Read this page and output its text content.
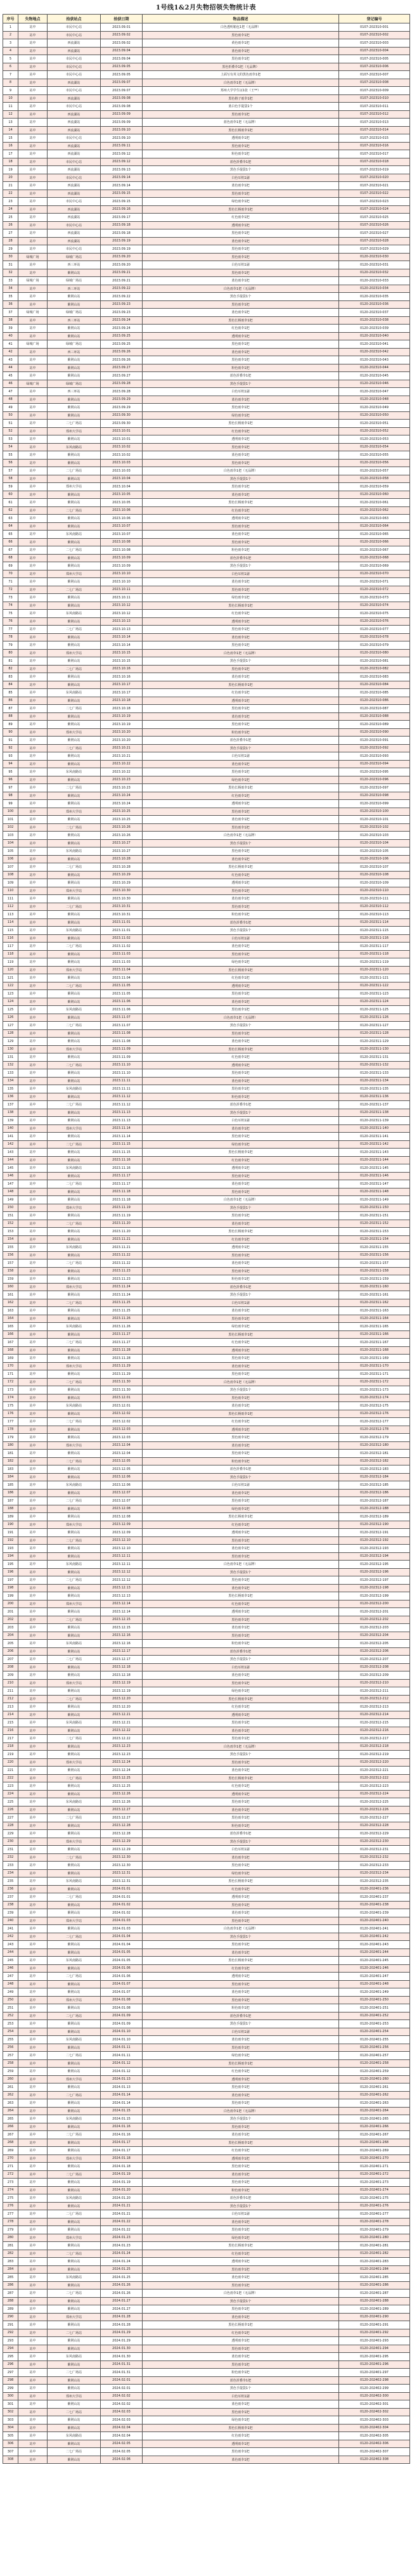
1号线1&2月失物招领失物统计表
序号	失物地点	拾获站点	拾获日期	物品描述	登记编号
1	站中	市民中心站	2023.09.01	白色透明箱包1把（无品牌）	0107-202310-001
2	站中	市民中心站	2023.09.02	黑色雨伞1把	0107-202310-002
3	站中	西流湖站	2023.09.02	黄色雨伞1把	0107-202310-003
4	站中	西流湖站	2023.09.04	蓝色雨伞1把	0107-202310-004
5	站中	市民中心站	2023.09.04	黑色雨伞1把	0107-202310-005
6	站中	市民中心站	2023.09.05	黑色折叠伞1把（无品牌）	0107-202310-006
7	站中	市民中心站	2023.09.05	上面写有英文的黑色雨伞1把	0107-202310-007
8	站中	西流湖站	2023.09.07	白色雨伞1把（无品牌）	0107-202310-008
9	站中	市民中心站	2023.09.07	郑州大学学生证1张（王**）	0107-202310-009
10	站中	西流湖站	2023.09.08	黑色格子雨伞1把	0107-202310-010
11	站中	市民中心站	2023.09.08	蓝白色手提袋1个	0107-202310-011
12	站中	西流湖站	2023.09.09	黑色雨伞1把	0107-202310-012
13	站中	西流湖站	2023.09.09	蓝色雨伞1把（无品牌）	0107-202310-013
14	站中	西流湖站	2023.09.10	黑色长柄雨伞1把	0107-202310-014
15	站中	市民中心站	2023.09.10	透明雨伞1把	0107-202310-015
16	站中	西流湖站	2023.09.11	黑色雨伞1把	0107-202310-016
17	站中	西流湖站	2023.09.12	粉色雨伞1把	0107-202310-017
18	站中	市民中心站	2023.09.12	蓝色折叠伞1把	0107-202310-018
19	站中	西流湖站	2023.09.13	黑色手提袋1个	0107-202310-019
20	站中	市民中心站	2023.09.14	白色耳机1副	0107-202310-020
21	站中	西流湖站	2023.09.14	蓝色雨伞1把	0107-202310-021
22	站中	西流湖站	2023.09.15	黑色雨伞1把	0107-202310-022
23	站中	市民中心站	2023.09.15	绿色雨伞1把	0107-202310-023
24	站中	西流湖站	2023.09.16	黑色长柄雨伞1把	0107-202310-024
25	站中	西流湖站	2023.09.17	红色雨伞1把	0107-202310-025
26	站中	市民中心站	2023.09.18	透明雨伞1把	0107-202310-026
27	站中	西流湖站	2023.09.18	黑色雨伞1把	0107-202310-027
28	站中	西流湖站	2023.09.19	蓝色雨伞1把	0107-202310-028
29	站中	市民中心站	2023.09.19	黑色雨伞1把	0107-202310-029
30	绿城广场	绿城广场站	2023.09.20	黑色雨伞1把	0120-202310-030
31	站中	西三环站	2023.09.20	白色耳机1副	0120-202310-031
32	站中	紫荆山站	2023.09.21	黑色雨伞1把	0120-202310-032
33	绿城广场	绿城广场站	2023.09.21	蓝色雨伞1把	0120-202310-033
34	站中	西三环站	2023.09.22	白色雨伞1把（无品牌）	0120-202310-034
35	站中	紫荆山站	2023.09.22	黑色手提袋1个	0120-202310-035
36	站中	紫荆山站	2023.09.23	黑色雨伞1把	0120-202310-036
37	绿城广场	绿城广场站	2023.09.23	蓝色雨伞1把	0120-202310-037
38	站中	西三环站	2023.09.24	黑色长柄雨伞1把	0120-202310-038
39	站中	紫荆山站	2023.09.24	红色雨伞1把	0120-202310-039
40	站中	紫荆山站	2023.09.25	透明雨伞1把	0120-202310-040
41	绿城广场	绿城广场站	2023.09.25	黑色雨伞1把	0120-202310-041
42	站中	西三环站	2023.09.26	蓝色雨伞1把	0120-202310-042
43	站中	紫荆山站	2023.09.26	黑色雨伞1把	0120-202310-043
44	站中	紫荆山站	2023.09.27	粉色雨伞1把	0120-202310-044
45	站中	紫荆山站	2023.09.27	蓝色折叠伞1把	0120-202310-045
46	绿城广场	绿城广场站	2023.09.28	黑色手提袋1个	0120-202310-046
47	站中	西三环站	2023.09.28	白色耳机1副	0120-202310-047
48	站中	紫荆山站	2023.09.29	蓝色雨伞1把	0120-202310-048
49	站中	紫荆山站	2023.09.29	黑色雨伞1把	0120-202310-049
50	站中	紫荆山站	2023.09.30	绿色雨伞1把	0120-202310-050
51	站中	二七广场站	2023.09.30	黑色长柄雨伞1把	0120-202310-051
52	站中	郑州大学站	2023.10.01	红色雨伞1把	0120-202310-052
53	站中	紫荆山站	2023.10.01	透明雨伞1把	0120-202310-053
54	站中	东风南路站	2023.10.02	黑色雨伞1把	0120-202310-054
55	站中	紫荆山站	2023.10.02	蓝色雨伞1把	0120-202310-055
56	站中	紫荆山站	2023.10.03	黑色雨伞1把	0120-202310-056
57	站中	二七广场站	2023.10.03	白色雨伞1把（无品牌）	0120-202310-057
58	站中	紫荆山站	2023.10.04	黑色手提袋1个	0120-202310-058
59	站中	郑州大学站	2023.10.04	黑色雨伞1把	0120-202310-059
60	站中	紫荆山站	2023.10.05	蓝色雨伞1把	0120-202310-060
61	站中	紫荆山站	2023.10.05	黑色长柄雨伞1把	0120-202310-061
62	站中	二七广场站	2023.10.06	红色雨伞1把	0120-202310-062
63	站中	紫荆山站	2023.10.06	透明雨伞1把	0120-202310-063
64	站中	紫荆山站	2023.10.07	黑色雨伞1把	0120-202310-064
65	站中	东风南路站	2023.10.07	蓝色雨伞1把	0120-202310-065
66	站中	紫荆山站	2023.10.08	黑色雨伞1把	0120-202310-066
67	站中	二七广场站	2023.10.08	粉色雨伞1把	0120-202310-067
68	站中	紫荆山站	2023.10.09	蓝色折叠伞1把	0120-202310-068
69	站中	紫荆山站	2023.10.09	黑色手提袋1个	0120-202310-069
70	站中	郑州大学站	2023.10.10	白色耳机1副	0120-202310-070
71	站中	紫荆山站	2023.10.10	蓝色雨伞1把	0120-202310-071
72	站中	二七广场站	2023.10.11	黑色雨伞1把	0120-202310-072
73	站中	紫荆山站	2023.10.11	绿色雨伞1把	0120-202310-073
74	站中	紫荆山站	2023.10.12	黑色长柄雨伞1把	0120-202310-074
75	站中	东风南路站	2023.10.12	红色雨伞1把	0120-202310-075
76	站中	紫荆山站	2023.10.13	透明雨伞1把	0120-202310-076
77	站中	二七广场站	2023.10.13	黑色雨伞1把	0120-202310-077
78	站中	紫荆山站	2023.10.14	蓝色雨伞1把	0120-202310-078
79	站中	紫荆山站	2023.10.14	黑色雨伞1把	0120-202310-079
80	站中	郑州大学站	2023.10.15	白色雨伞1把（无品牌）	0120-202310-080
81	站中	紫荆山站	2023.10.15	黑色手提袋1个	0120-202310-081
82	站中	二七广场站	2023.10.16	黑色雨伞1把	0120-202310-082
83	站中	紫荆山站	2023.10.16	蓝色雨伞1把	0120-202310-083
84	站中	紫荆山站	2023.10.17	黑色长柄雨伞1把	0120-202310-084
85	站中	东风南路站	2023.10.17	红色雨伞1把	0120-202310-085
86	站中	紫荆山站	2023.10.18	透明雨伞1把	0120-202310-086
87	站中	二七广场站	2023.10.18	黑色雨伞1把	0120-202310-087
88	站中	紫荆山站	2023.10.19	蓝色雨伞1把	0120-202310-088
89	站中	紫荆山站	2023.10.19	黑色雨伞1把	0120-202310-089
90	站中	郑州大学站	2023.10.20	粉色雨伞1把	0120-202310-090
91	站中	紫荆山站	2023.10.20	蓝色折叠伞1把	0120-202310-091
92	站中	二七广场站	2023.10.21	黑色手提袋1个	0120-202310-092
93	站中	紫荆山站	2023.10.21	白色耳机1副	0120-202310-093
94	站中	紫荆山站	2023.10.22	蓝色雨伞1把	0120-202310-094
95	站中	东风南路站	2023.10.22	黑色雨伞1把	0120-202310-095
96	站中	紫荆山站	2023.10.23	绿色雨伞1把	0120-202310-096
97	站中	二七广场站	2023.10.23	黑色长柄雨伞1把	0120-202310-097
98	站中	紫荆山站	2023.10.24	红色雨伞1把	0120-202310-098
99	站中	紫荆山站	2023.10.24	透明雨伞1把	0120-202310-099
100	站中	郑州大学站	2023.10.25	黑色雨伞1把	0120-202310-100
101	站中	紫荆山站	2023.10.25	蓝色雨伞1把	0120-202310-101
102	站中	二七广场站	2023.10.26	黑色雨伞1把	0120-202310-102
103	站中	紫荆山站	2023.10.26	白色雨伞1把（无品牌）	0120-202310-103
104	站中	紫荆山站	2023.10.27	黑色手提袋1个	0120-202310-104
105	站中	东风南路站	2023.10.27	黑色雨伞1把	0120-202310-105
106	站中	紫荆山站	2023.10.28	蓝色雨伞1把	0120-202310-106
107	站中	二七广场站	2023.10.28	黑色长柄雨伞1把	0120-202310-107
108	站中	紫荆山站	2023.10.29	红色雨伞1把	0120-202310-108
109	站中	紫荆山站	2023.10.29	透明雨伞1把	0120-202310-109
110	站中	郑州大学站	2023.10.30	黑色雨伞1把	0120-202310-110
111	站中	紫荆山站	2023.10.30	蓝色雨伞1把	0120-202310-111
112	站中	二七广场站	2023.10.31	黑色雨伞1把	0120-202310-112
113	站中	紫荆山站	2023.10.31	粉色雨伞1把	0120-202310-113
114	站中	紫荆山站	2023.11.01	蓝色折叠伞1把	0120-202311-114
115	站中	东风南路站	2023.11.01	黑色手提袋1个	0120-202311-115
116	站中	紫荆山站	2023.11.02	白色耳机1副	0120-202311-116
117	站中	二七广场站	2023.11.02	蓝色雨伞1把	0120-202311-117
118	站中	紫荆山站	2023.11.03	黑色雨伞1把	0120-202311-118
119	站中	紫荆山站	2023.11.03	绿色雨伞1把	0120-202311-119
120	站中	郑州大学站	2023.11.04	黑色长柄雨伞1把	0120-202311-120
121	站中	紫荆山站	2023.11.04	红色雨伞1把	0120-202311-121
122	站中	二七广场站	2023.11.05	透明雨伞1把	0120-202311-122
123	站中	紫荆山站	2023.11.05	黑色雨伞1把	0120-202311-123
124	站中	紫荆山站	2023.11.06	蓝色雨伞1把	0120-202311-124
125	站中	东风南路站	2023.11.06	黑色雨伞1把	0120-202311-125
126	站中	紫荆山站	2023.11.07	白色雨伞1把（无品牌）	0120-202311-126
127	站中	二七广场站	2023.11.07	黑色手提袋1个	0120-202311-127
128	站中	紫荆山站	2023.11.08	黑色雨伞1把	0120-202311-128
129	站中	紫荆山站	2023.11.08	蓝色雨伞1把	0120-202311-129
130	站中	郑州大学站	2023.11.09	黑色长柄雨伞1把	0120-202311-130
131	站中	紫荆山站	2023.11.09	红色雨伞1把	0120-202311-131
132	站中	二七广场站	2023.11.10	透明雨伞1把	0120-202311-132
133	站中	紫荆山站	2023.11.10	黑色雨伞1把	0120-202311-133
134	站中	紫荆山站	2023.11.11	蓝色雨伞1把	0120-202311-134
135	站中	东风南路站	2023.11.11	黑色雨伞1把	0120-202311-135
136	站中	紫荆山站	2023.11.12	粉色雨伞1把	0120-202311-136
137	站中	二七广场站	2023.11.12	蓝色折叠伞1把	0120-202311-137
138	站中	紫荆山站	2023.11.13	黑色手提袋1个	0120-202311-138
139	站中	紫荆山站	2023.11.13	白色耳机1副	0120-202311-139
140	站中	郑州大学站	2023.11.14	蓝色雨伞1把	0120-202311-140
141	站中	紫荆山站	2023.11.14	黑色雨伞1把	0120-202311-141
142	站中	二七广场站	2023.11.15	绿色雨伞1把	0120-202311-142
143	站中	紫荆山站	2023.11.15	黑色长柄雨伞1把	0120-202311-143
144	站中	紫荆山站	2023.11.16	红色雨伞1把	0120-202311-144
145	站中	东风南路站	2023.11.16	透明雨伞1把	0120-202311-145
146	站中	紫荆山站	2023.11.17	黑色雨伞1把	0120-202311-146
147	站中	二七广场站	2023.11.17	蓝色雨伞1把	0120-202311-147
148	站中	紫荆山站	2023.11.18	黑色雨伞1把	0120-202311-148
149	站中	紫荆山站	2023.11.18	白色雨伞1把（无品牌）	0120-202311-149
150	站中	郑州大学站	2023.11.19	黑色手提袋1个	0120-202311-150
151	站中	紫荆山站	2023.11.19	黑色雨伞1把	0120-202311-151
152	站中	二七广场站	2023.11.20	蓝色雨伞1把	0120-202311-152
153	站中	紫荆山站	2023.11.20	黑色长柄雨伞1把	0120-202311-153
154	站中	紫荆山站	2023.11.21	红色雨伞1把	0120-202311-154
155	站中	东风南路站	2023.11.21	透明雨伞1把	0120-202311-155
156	站中	紫荆山站	2023.11.22	黑色雨伞1把	0120-202311-156
157	站中	二七广场站	2023.11.22	蓝色雨伞1把	0120-202311-157
158	站中	紫荆山站	2023.11.23	黑色雨伞1把	0120-202311-158
159	站中	紫荆山站	2023.11.23	粉色雨伞1把	0120-202311-159
160	站中	郑州大学站	2023.11.24	蓝色折叠伞1把	0120-202311-160
161	站中	紫荆山站	2023.11.24	黑色手提袋1个	0120-202311-161
162	站中	二七广场站	2023.11.25	白色耳机1副	0120-202311-162
163	站中	紫荆山站	2023.11.25	蓝色雨伞1把	0120-202311-163
164	站中	紫荆山站	2023.11.26	黑色雨伞1把	0120-202311-164
165	站中	东风南路站	2023.11.26	绿色雨伞1把	0120-202311-165
166	站中	紫荆山站	2023.11.27	黑色长柄雨伞1把	0120-202311-166
167	站中	二七广场站	2023.11.27	红色雨伞1把	0120-202311-167
168	站中	紫荆山站	2023.11.28	透明雨伞1把	0120-202311-168
169	站中	紫荆山站	2023.11.28	黑色雨伞1把	0120-202311-169
170	站中	郑州大学站	2023.11.29	蓝色雨伞1把	0120-202311-170
171	站中	紫荆山站	2023.11.29	黑色雨伞1把	0120-202311-171
172	站中	二七广场站	2023.11.30	白色雨伞1把（无品牌）	0120-202311-172
173	站中	紫荆山站	2023.11.30	黑色手提袋1个	0120-202311-173
174	站中	紫荆山站	2023.12.01	黑色雨伞1把	0120-202312-174
175	站中	东风南路站	2023.12.01	蓝色雨伞1把	0120-202312-175
176	站中	紫荆山站	2023.12.02	黑色长柄雨伞1把	0120-202312-176
177	站中	二七广场站	2023.12.02	红色雨伞1把	0120-202312-177
178	站中	紫荆山站	2023.12.03	透明雨伞1把	0120-202312-178
179	站中	紫荆山站	2023.12.03	黑色雨伞1把	0120-202312-179
180	站中	郑州大学站	2023.12.04	蓝色雨伞1把	0120-202312-180
181	站中	紫荆山站	2023.12.04	黑色雨伞1把	0120-202312-181
182	站中	二七广场站	2023.12.05	粉色雨伞1把	0120-202312-182
183	站中	紫荆山站	2023.12.05	蓝色折叠伞1把	0120-202312-183
184	站中	紫荆山站	2023.12.06	黑色手提袋1个	0120-202312-184
185	站中	东风南路站	2023.12.06	白色耳机1副	0120-202312-185
186	站中	紫荆山站	2023.12.07	蓝色雨伞1把	0120-202312-186
187	站中	二七广场站	2023.12.07	黑色雨伞1把	0120-202312-187
188	站中	紫荆山站	2023.12.08	绿色雨伞1把	0120-202312-188
189	站中	紫荆山站	2023.12.08	黑色长柄雨伞1把	0120-202312-189
190	站中	郑州大学站	2023.12.09	红色雨伞1把	0120-202312-190
191	站中	紫荆山站	2023.12.09	透明雨伞1把	0120-202312-191
192	站中	二七广场站	2023.12.10	黑色雨伞1把	0120-202312-192
193	站中	紫荆山站	2023.12.10	蓝色雨伞1把	0120-202312-193
194	站中	紫荆山站	2023.12.11	黑色雨伞1把	0120-202312-194
195	站中	东风南路站	2023.12.11	白色雨伞1把（无品牌）	0120-202312-195
196	站中	紫荆山站	2023.12.12	黑色手提袋1个	0120-202312-196
197	站中	二七广场站	2023.12.12	黑色雨伞1把	0120-202312-197
198	站中	紫荆山站	2023.12.13	蓝色雨伞1把	0120-202312-198
199	站中	紫荆山站	2023.12.13	黑色长柄雨伞1把	0120-202312-199
200	站中	郑州大学站	2023.12.14	红色雨伞1把	0120-202312-200
201	站中	紫荆山站	2023.12.14	透明雨伞1把	0120-202312-201
202	站中	二七广场站	2023.12.15	黑色雨伞1把	0120-202312-202
203	站中	紫荆山站	2023.12.15	蓝色雨伞1把	0120-202312-203
204	站中	紫荆山站	2023.12.16	黑色雨伞1把	0120-202312-204
205	站中	东风南路站	2023.12.16	粉色雨伞1把	0120-202312-205
206	站中	紫荆山站	2023.12.17	蓝色折叠伞1把	0120-202312-206
207	站中	二七广场站	2023.12.17	黑色手提袋1个	0120-202312-207
208	站中	紫荆山站	2023.12.18	白色耳机1副	0120-202312-208
209	站中	紫荆山站	2023.12.18	蓝色雨伞1把	0120-202312-209
210	站中	郑州大学站	2023.12.19	黑色雨伞1把	0120-202312-210
211	站中	紫荆山站	2023.12.19	绿色雨伞1把	0120-202312-211
212	站中	二七广场站	2023.12.20	黑色长柄雨伞1把	0120-202312-212
213	站中	紫荆山站	2023.12.20	红色雨伞1把	0120-202312-213
214	站中	紫荆山站	2023.12.21	透明雨伞1把	0120-202312-214
215	站中	东风南路站	2023.12.21	黑色雨伞1把	0120-202312-215
216	站中	紫荆山站	2023.12.22	蓝色雨伞1把	0120-202312-216
217	站中	二七广场站	2023.12.22	黑色雨伞1把	0120-202312-217
218	站中	紫荆山站	2023.12.23	白色雨伞1把（无品牌）	0120-202312-218
219	站中	紫荆山站	2023.12.23	黑色手提袋1个	0120-202312-219
220	站中	郑州大学站	2023.12.24	黑色雨伞1把	0120-202312-220
221	站中	紫荆山站	2023.12.24	蓝色雨伞1把	0120-202312-221
222	站中	二七广场站	2023.12.25	黑色长柄雨伞1把	0120-202312-222
223	站中	紫荆山站	2023.12.25	红色雨伞1把	0120-202312-223
224	站中	紫荆山站	2023.12.26	透明雨伞1把	0120-202312-224
225	站中	东风南路站	2023.12.26	黑色雨伞1把	0120-202312-225
226	站中	紫荆山站	2023.12.27	蓝色雨伞1把	0120-202312-226
227	站中	二七广场站	2023.12.27	黑色雨伞1把	0120-202312-227
228	站中	紫荆山站	2023.12.28	粉色雨伞1把	0120-202312-228
229	站中	紫荆山站	2023.12.28	蓝色折叠伞1把	0120-202312-229
230	站中	郑州大学站	2023.12.29	黑色手提袋1个	0120-202312-230
231	站中	紫荆山站	2023.12.29	白色耳机1副	0120-202312-231
232	站中	二七广场站	2023.12.30	蓝色雨伞1把	0120-202312-232
233	站中	紫荆山站	2023.12.30	黑色雨伞1把	0120-202312-233
234	站中	紫荆山站	2023.12.31	绿色雨伞1把	0120-202312-234
235	站中	东风南路站	2023.12.31	黑色长柄雨伞1把	0120-202312-235
236	站中	紫荆山站	2024.01.01	红色雨伞1把	0120-202401-236
237	站中	二七广场站	2024.01.01	透明雨伞1把	0120-202401-237
238	站中	紫荆山站	2024.01.02	黑色雨伞1把	0120-202401-238
239	站中	紫荆山站	2024.01.02	蓝色雨伞1把	0120-202401-239
240	站中	郑州大学站	2024.01.03	黑色雨伞1把	0120-202401-240
241	站中	紫荆山站	2024.01.03	白色雨伞1把（无品牌）	0120-202401-241
242	站中	二七广场站	2024.01.04	黑色手提袋1个	0120-202401-242
243	站中	紫荆山站	2024.01.04	黑色雨伞1把	0120-202401-243
244	站中	紫荆山站	2024.01.05	蓝色雨伞1把	0120-202401-244
245	站中	东风南路站	2024.01.05	黑色长柄雨伞1把	0120-202401-245
246	站中	紫荆山站	2024.01.06	红色雨伞1把	0120-202401-246
247	站中	二七广场站	2024.01.06	透明雨伞1把	0120-202401-247
248	站中	紫荆山站	2024.01.07	黑色雨伞1把	0120-202401-248
249	站中	紫荆山站	2024.01.07	蓝色雨伞1把	0120-202401-249
250	站中	郑州大学站	2024.01.08	黑色雨伞1把	0120-202401-250
251	站中	紫荆山站	2024.01.08	粉色雨伞1把	0120-202401-251
252	站中	二七广场站	2024.01.09	蓝色折叠伞1把	0120-202401-252
253	站中	紫荆山站	2024.01.09	黑色手提袋1个	0120-202401-253
254	站中	紫荆山站	2024.01.10	白色耳机1副	0120-202401-254
255	站中	东风南路站	2024.01.10	蓝色雨伞1把	0120-202401-255
256	站中	紫荆山站	2024.01.11	黑色雨伞1把	0120-202401-256
257	站中	二七广场站	2024.01.11	绿色雨伞1把	0120-202401-257
258	站中	紫荆山站	2024.01.12	黑色长柄雨伞1把	0120-202401-258
259	站中	紫荆山站	2024.01.12	红色雨伞1把	0120-202401-259
260	站中	郑州大学站	2024.01.13	透明雨伞1把	0120-202401-260
261	站中	紫荆山站	2024.01.13	黑色雨伞1把	0120-202401-261
262	站中	二七广场站	2024.01.14	蓝色雨伞1把	0120-202401-262
263	站中	紫荆山站	2024.01.14	黑色雨伞1把	0120-202401-263
264	站中	紫荆山站	2024.01.15	白色雨伞1把（无品牌）	0120-202401-264
265	站中	东风南路站	2024.01.15	黑色手提袋1个	0120-202401-265
266	站中	紫荆山站	2024.01.16	黑色雨伞1把	0120-202401-266
267	站中	二七广场站	2024.01.16	蓝色雨伞1把	0120-202401-267
268	站中	紫荆山站	2024.01.17	黑色长柄雨伞1把	0120-202401-268
269	站中	紫荆山站	2024.01.17	红色雨伞1把	0120-202401-269
270	站中	郑州大学站	2024.01.18	透明雨伞1把	0120-202401-270
271	站中	紫荆山站	2024.01.18	黑色雨伞1把	0120-202401-271
272	站中	二七广场站	2024.01.19	蓝色雨伞1把	0120-202401-272
273	站中	紫荆山站	2024.01.19	黑色雨伞1把	0120-202401-273
274	站中	紫荆山站	2024.01.20	粉色雨伞1把	0120-202401-274
275	站中	东风南路站	2024.01.20	蓝色折叠伞1把	0120-202401-275
276	站中	紫荆山站	2024.01.21	黑色手提袋1个	0120-202401-276
277	站中	二七广场站	2024.01.21	白色耳机1副	0120-202401-277
278	站中	紫荆山站	2024.01.22	蓝色雨伞1把	0120-202401-278
279	站中	紫荆山站	2024.01.22	黑色雨伞1把	0120-202401-279
280	站中	郑州大学站	2024.01.23	绿色雨伞1把	0120-202401-280
281	站中	紫荆山站	2024.01.23	黑色长柄雨伞1把	0120-202401-281
282	站中	二七广场站	2024.01.24	红色雨伞1把	0120-202401-282
283	站中	紫荆山站	2024.01.24	透明雨伞1把	0120-202401-283
284	站中	紫荆山站	2024.01.25	黑色雨伞1把	0120-202401-284
285	站中	东风南路站	2024.01.25	蓝色雨伞1把	0120-202401-285
286	站中	紫荆山站	2024.01.26	黑色雨伞1把	0120-202401-286
287	站中	二七广场站	2024.01.26	白色雨伞1把（无品牌）	0120-202401-287
288	站中	紫荆山站	2024.01.27	黑色手提袋1个	0120-202401-288
289	站中	紫荆山站	2024.01.27	黑色雨伞1把	0120-202401-289
290	站中	郑州大学站	2024.01.28	蓝色雨伞1把	0120-202401-290
291	站中	紫荆山站	2024.01.28	黑色长柄雨伞1把	0120-202401-291
292	站中	二七广场站	2024.01.29	红色雨伞1把	0120-202401-292
293	站中	紫荆山站	2024.01.29	透明雨伞1把	0120-202401-293
294	站中	紫荆山站	2024.01.30	黑色雨伞1把	0120-202401-294
295	站中	东风南路站	2024.01.30	蓝色雨伞1把	0120-202401-295
296	站中	紫荆山站	2024.01.31	黑色雨伞1把	0120-202401-296
297	站中	二七广场站	2024.01.31	粉色雨伞1把	0120-202401-297
298	站中	紫荆山站	2024.02.01	蓝色折叠伞1把	0120-202402-298
299	站中	紫荆山站	2024.02.01	黑色手提袋1个	0120-202402-299
300	站中	郑州大学站	2024.02.02	白色耳机1副	0120-202402-300
301	站中	紫荆山站	2024.02.02	蓝色雨伞1把	0120-202402-301
302	站中	二七广场站	2024.02.03	黑色雨伞1把	0120-202402-302
303	站中	紫荆山站	2024.02.03	绿色雨伞1把	0120-202402-303
304	站中	紫荆山站	2024.02.04	黑色长柄雨伞1把	0120-202402-304
305	站中	东风南路站	2024.02.04	红色雨伞1把	0120-202402-305
306	站中	紫荆山站	2024.02.05	透明雨伞1把	0120-202402-306
307	站中	二七广场站	2024.02.05	黑色雨伞1把	0120-202402-307
308	站中	紫荆山站	2024.02.06	蓝色雨伞1把	0120-202402-308
